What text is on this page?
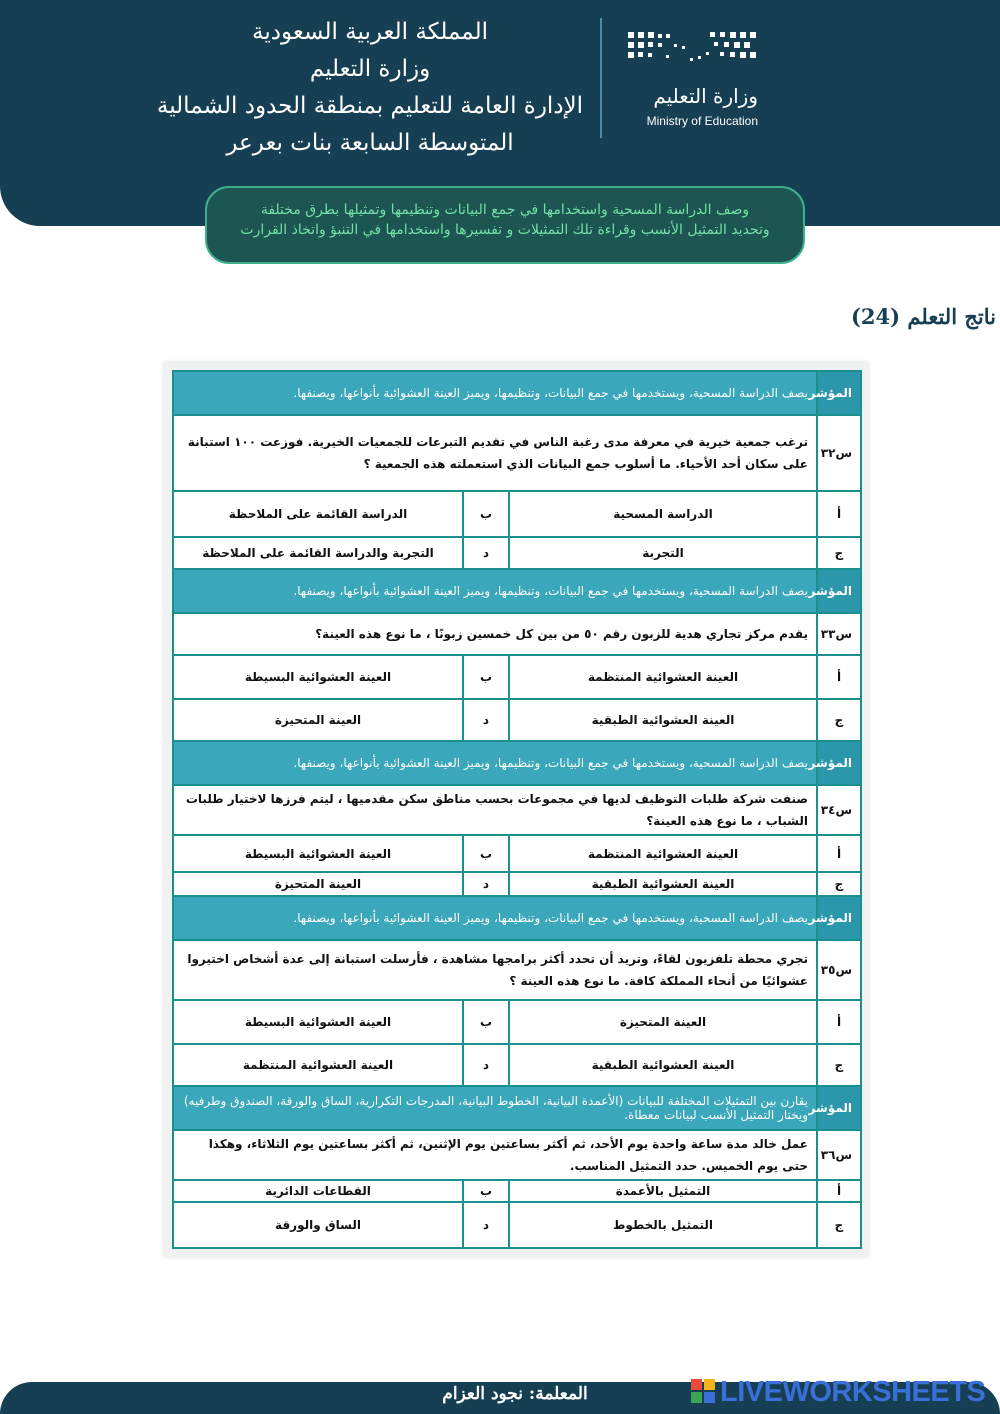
المملكة العربية السعودية
وزارة التعليم
الإدارة العامة للتعليم بمنطقة الحدود الشمالية
المتوسطة السابعة بنات بعرعر
وزارة التعليم
Ministry of Education
وصف الدراسة المسحية واستخدامها في جمع البيانات وتنظيمها وتمثيلها بطرق مختلفة
وتحديد التمثيل الأنسب وقراءة تلك التمثيلات و تفسيرها واستخدامها في التنبؤ واتخاذ القرارت
ناتج التعلم (24)
المؤشر	يصف الدراسة المسحية، ويستخدمها في جمع البيانات، وتنظيمها، ويميز العينة العشوائية بأنواعها، ويصنفها.		
س٣٢	ترغب جمعية خيرية في معرفة مدى رغبة الناس في تقديم التبرعات للجمعيات الخيرية. فوزعت ١٠٠ استبانة على سكان أحد الأحياء. ما أسلوب جمع البيانات الذي استعملته هذه الجمعية ؟		
أ	الدراسة المسحية	ب	الدراسة القائمة على الملاحظة
ج	التجربة	د	التجربة والدراسة القائمة على الملاحظة
المؤشر	يصف الدراسة المسحية، ويستخدمها في جمع البيانات، وتنظيمها، ويميز العينة العشوائية بأنواعها، ويصنفها.		
س٣٣	يقدم مركز تجاري هدية للزبون رقم ٥٠ من بين كل خمسين زبونًا ، ما نوع هذه العينة؟		
أ	العينة العشوائية المنتظمة	ب	العينة العشوائية البسيطة
ج	العينة العشوائية الطبقية	د	العينة المتحيزة
المؤشر	يصف الدراسة المسحية، ويستخدمها في جمع البيانات، وتنظيمها، ويميز العينة العشوائية بأنواعها، ويصنفها.		
س٣٤	صنفت شركة طلبات التوظيف لديها في مجموعات بحسب مناطق سكن مقدميها ، ليتم فرزها لاختيار طلبات الشباب ، ما نوع هذه العينة؟		
أ	العينة العشوائية المنتظمة	ب	العينة العشوائية البسيطة
ج	العينة العشوائية الطبقية	د	العينة المتحيزة
المؤشر	يصف الدراسة المسحية، ويستخدمها في جمع البيانات، وتنظيمها، ويميز العينة العشوائية بأنواعها، ويصنفها.		
س٣٥	تجري محطة تلفزيون لقاءً، وتريد أن تحدد أكثر برامجها مشاهدة ، فأرسلت استبانة إلى عدة أشخاص اختيروا عشوائيًا من أنحاء المملكة كافة. ما نوع هذه العينة ؟		
أ	العينة المتحيزة	ب	العينة العشوائية البسيطة
ج	العينة العشوائية الطبقية	د	العينة العشوائية المنتظمة
المؤشر	يقارن بين التمثيلات المختلفة للبيانات (الأعمدة البيانية، الخطوط البيانية، المدرجات التكرارية، الساق والورقة، الصندوق وطرفيه) ويختار التمثيل الأنسب لبيانات معطاة.		
س٣٦	عمل خالد مدة ساعة واحدة يوم الأحد، ثم أكثر بساعتين يوم الإثنين، ثم أكثر بساعتين يوم الثلاثاء، وهكذا حتى يوم الخميس. حدد التمثيل المناسب.		
أ	التمثيل بالأعمدة	ب	القطاعات الدائرية
ج	التمثيل بالخطوط	د	الساق والورقة
المعلمة: نجود العزام	LIVEWORKSHEETS
